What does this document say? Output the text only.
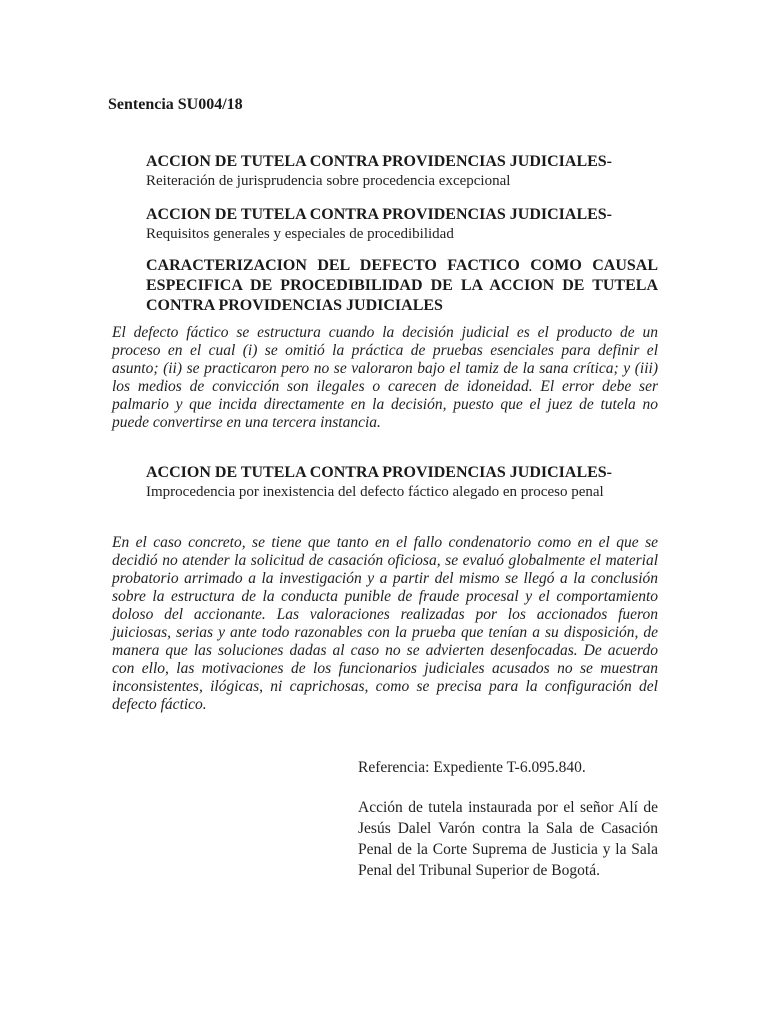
Sentencia SU004/18

ACCION DE TUTELA CONTRA PROVIDENCIAS JUDICIALES-

Reiteración de jurisprudencia sobre procedencia excepcional

ACCION DE TUTELA CONTRA PROVIDENCIAS JUDICIALES-

Requisitos generales y especiales de procedibilidad

CARACTERIZACION DEL DEFECTO FACTICO COMO CAUSAL ESPECIFICA DE PROCEDIBILIDAD DE LA ACCION DE TUTELA CONTRA PROVIDENCIAS JUDICIALES

El defecto fáctico se estructura cuando la decisión judicial es el producto de un proceso en el cual (i) se omitió la práctica de pruebas esenciales para definir el asunto; (ii) se practicaron pero no se valoraron bajo el tamiz de la sana crítica; y (iii) los medios de convicción son ilegales o carecen de idoneidad. El error debe ser palmario y que incida directamente en la decisión, puesto que el juez de tutela no puede convertirse en una tercera instancia.

ACCION DE TUTELA CONTRA PROVIDENCIAS JUDICIALES-

Improcedencia por inexistencia del defecto fáctico alegado en proceso penal

En el caso concreto, se tiene que tanto en el fallo condenatorio como en el que se decidió no atender la solicitud de casación oficiosa, se evaluó globalmente el material probatorio arrimado a la investigación y a partir del mismo se llegó a la conclusión sobre la estructura de la conducta punible de fraude procesal y el comportamiento doloso del accionante. Las valoraciones realizadas por los accionados fueron juiciosas, serias y ante todo razonables con la prueba que tenían a su disposición, de manera que las soluciones dadas al caso no se advierten desenfocadas. De acuerdo con ello, las motivaciones de los funcionarios judiciales acusados no se muestran inconsistentes, ilógicas, ni caprichosas, como se precisa para la configuración del defecto fáctico.

Referencia: Expediente T-6.095.840.

Acción de tutela instaurada por el señor Alí de Jesús Dalel Varón contra la Sala de Casación Penal de la Corte Suprema de Justicia y la Sala Penal del Tribunal Superior de Bogotá.
